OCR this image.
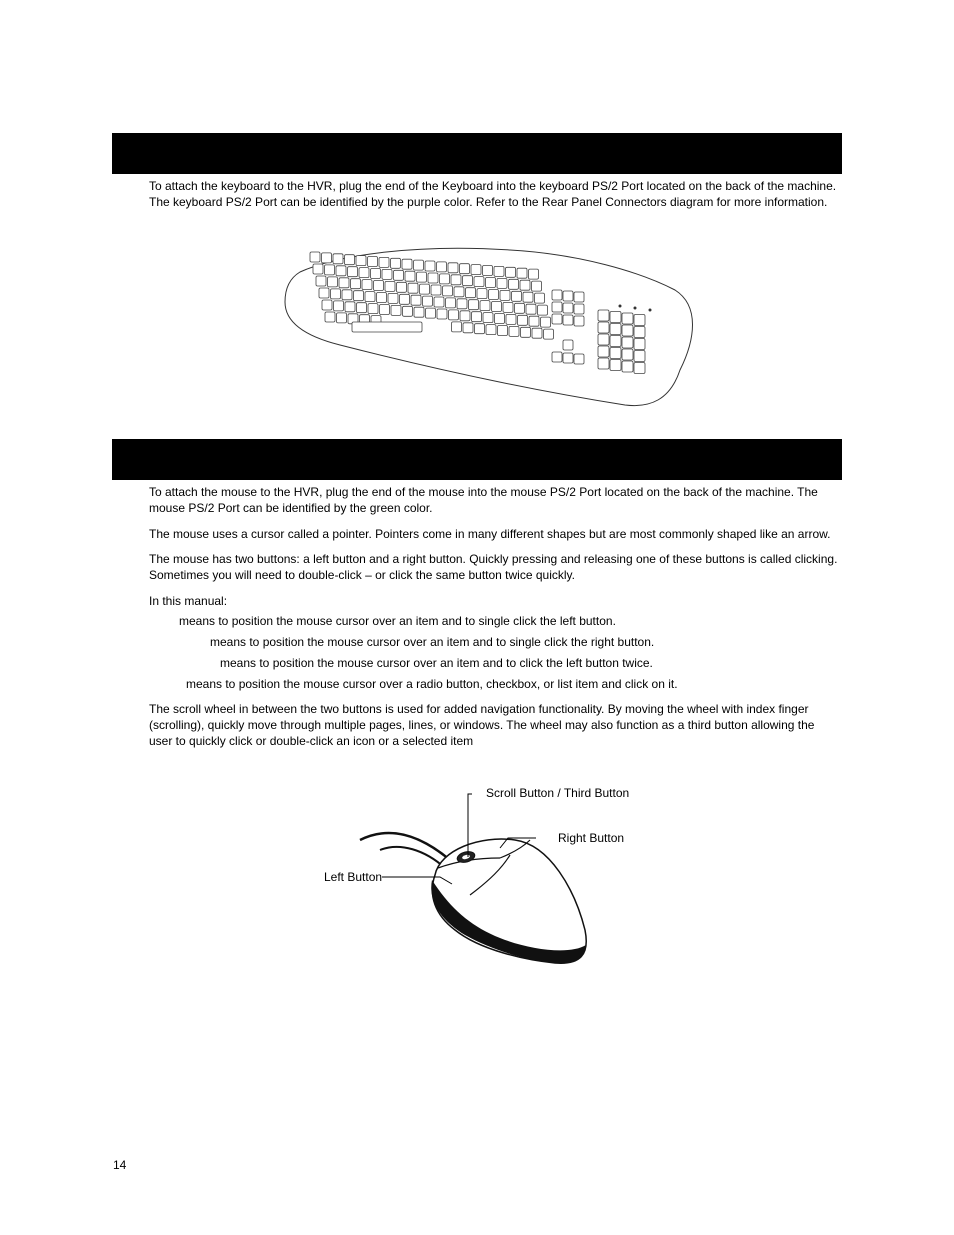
To attach the keyboard to the HVR, plug the end of the Keyboard into the keyboard PS/2 Port located on the back of the machine. The keyboard PS/2 Port can be identified by the purple color. Refer to the Rear Panel Connectors diagram for more information.

To attach the mouse to the HVR, plug the end of the mouse into the mouse PS/2 Port located on the back of the machine. The mouse PS/2 Port can be identified by the green color.

The mouse uses a cursor called a pointer. Pointers come in many different shapes but are most commonly shaped like an arrow.

The mouse has two buttons: a left button and a right button. Quickly pressing and releasing one of these buttons is called clicking. Sometimes you will need to double-click – or click the same button twice quickly.

In this manual:
means to position the mouse cursor over an item and to single click the left button.
means to position the mouse cursor over an item and to single click the right button.
means to position the mouse cursor over an item and to click the left button twice.
means to position the mouse cursor over a radio button, checkbox, or list item and click on it.

The scroll wheel in between the two buttons is used for added navigation functionality. By moving the wheel with index finger (scrolling), quickly move through multiple pages, lines, or windows. The wheel may also function as a third button allowing the user to quickly click or double-click an icon or a selected item

Scroll Button / Third Button
Right Button
Left Button
14
